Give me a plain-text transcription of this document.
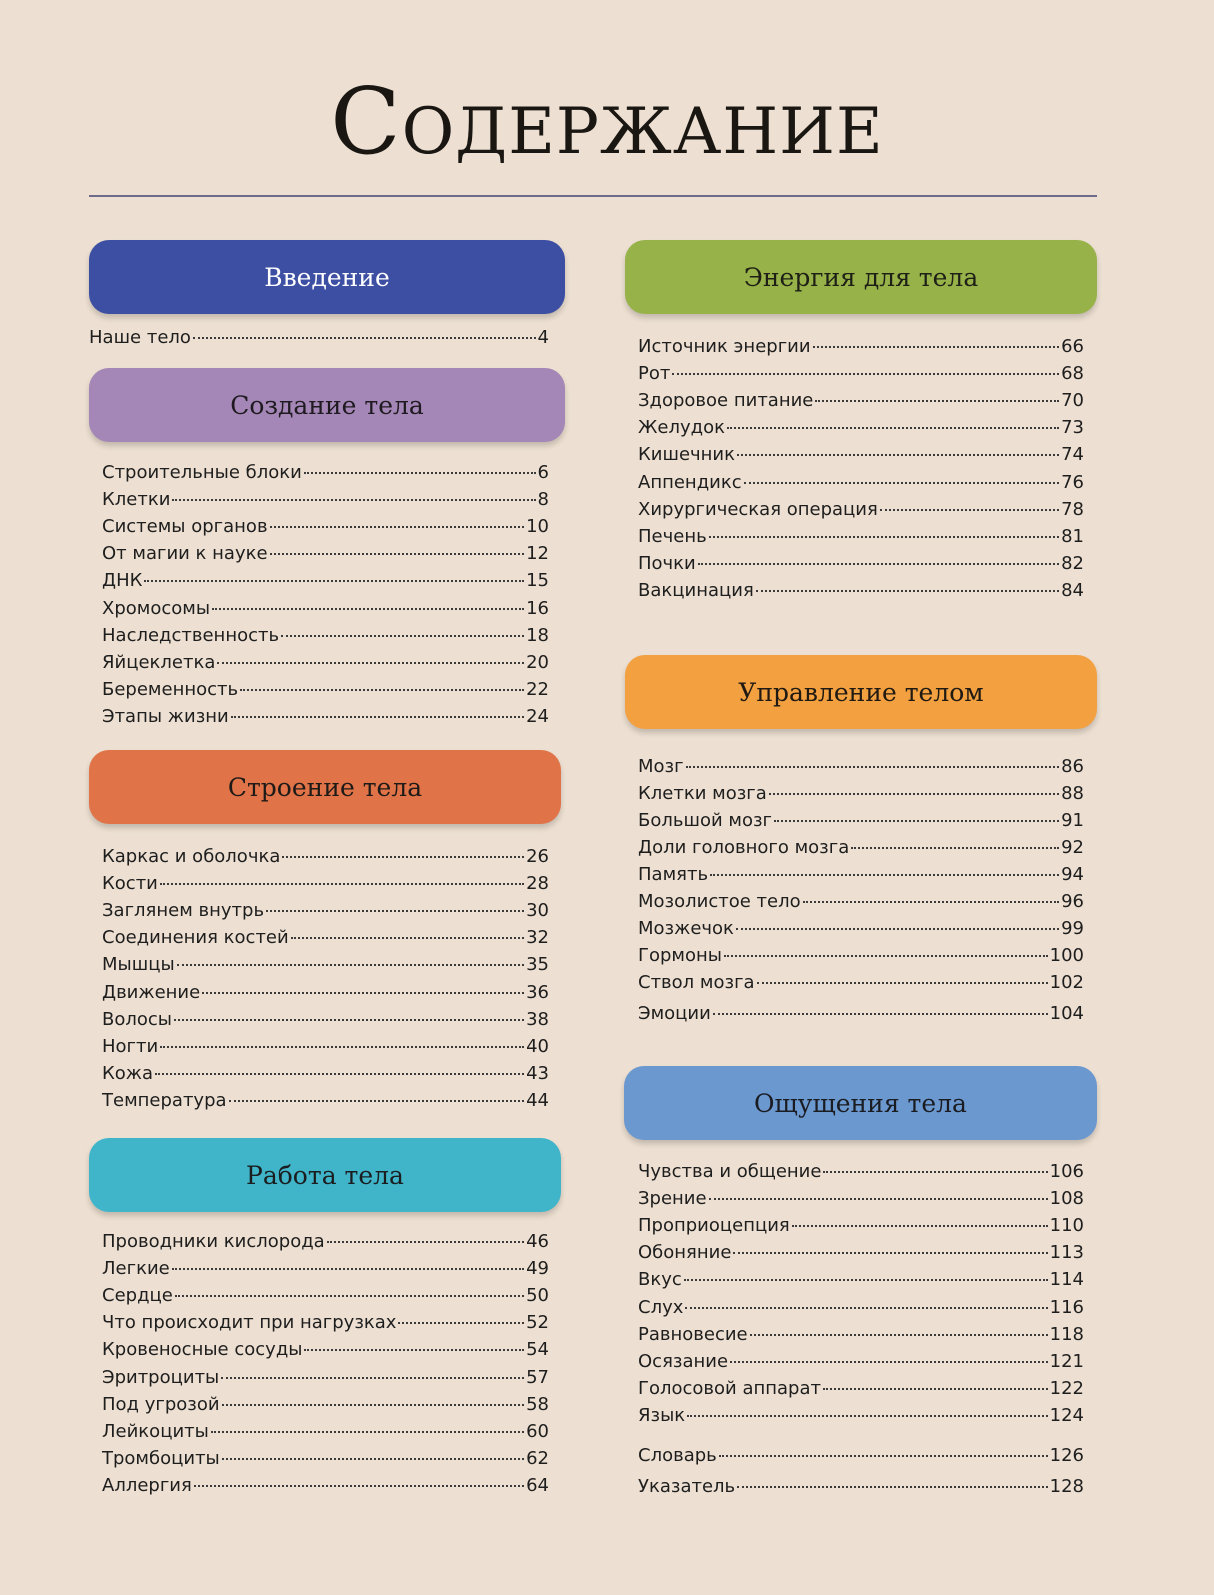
Содержание
Введение
Наше тело	4
Создание тела
Строительные блоки	6
Клетки	8
Системы органов	10
От магии к науке	12
ДНК	15
Хромосомы	16
Наследственность	18
Яйцеклетка	20
Беременность	22
Этапы жизни	24
Строение тела
Каркас и оболочка	26
Кости	28
Заглянем внутрь	30
Соединения костей	32
Мышцы	35
Движение	36
Волосы	38
Ногти	40
Кожа	43
Температура	44
Работа тела
Проводники кислорода	46
Легкие	49
Сердце	50
Что происходит при нагрузках	52
Кровеносные сосуды	54
Эритроциты	57
Под угрозой	58
Лейкоциты	60
Тромбоциты	62
Аллергия	64
Энергия для тела
Источник энергии	66
Рот	68
Здоровое питание	70
Желудок	73
Кишечник	74
Аппендикс	76
Хирургическая операция	78
Печень	81
Почки	82
Вакцинация	84
Управление телом
Мозг	86
Клетки мозга	88
Большой мозг	91
Доли головного мозга	92
Память	94
Мозолистое тело	96
Мозжечок	99
Гормоны	100
Ствол мозга	102
Эмоции	104
Ощущения тела
Чувства и общение	106
Зрение	108
Проприоцепция	110
Обоняние	113
Вкус	114
Слух	116
Равновесие	118
Осязание	121
Голосовой аппарат	122
Язык	124
Словарь	126
Указатель	128
